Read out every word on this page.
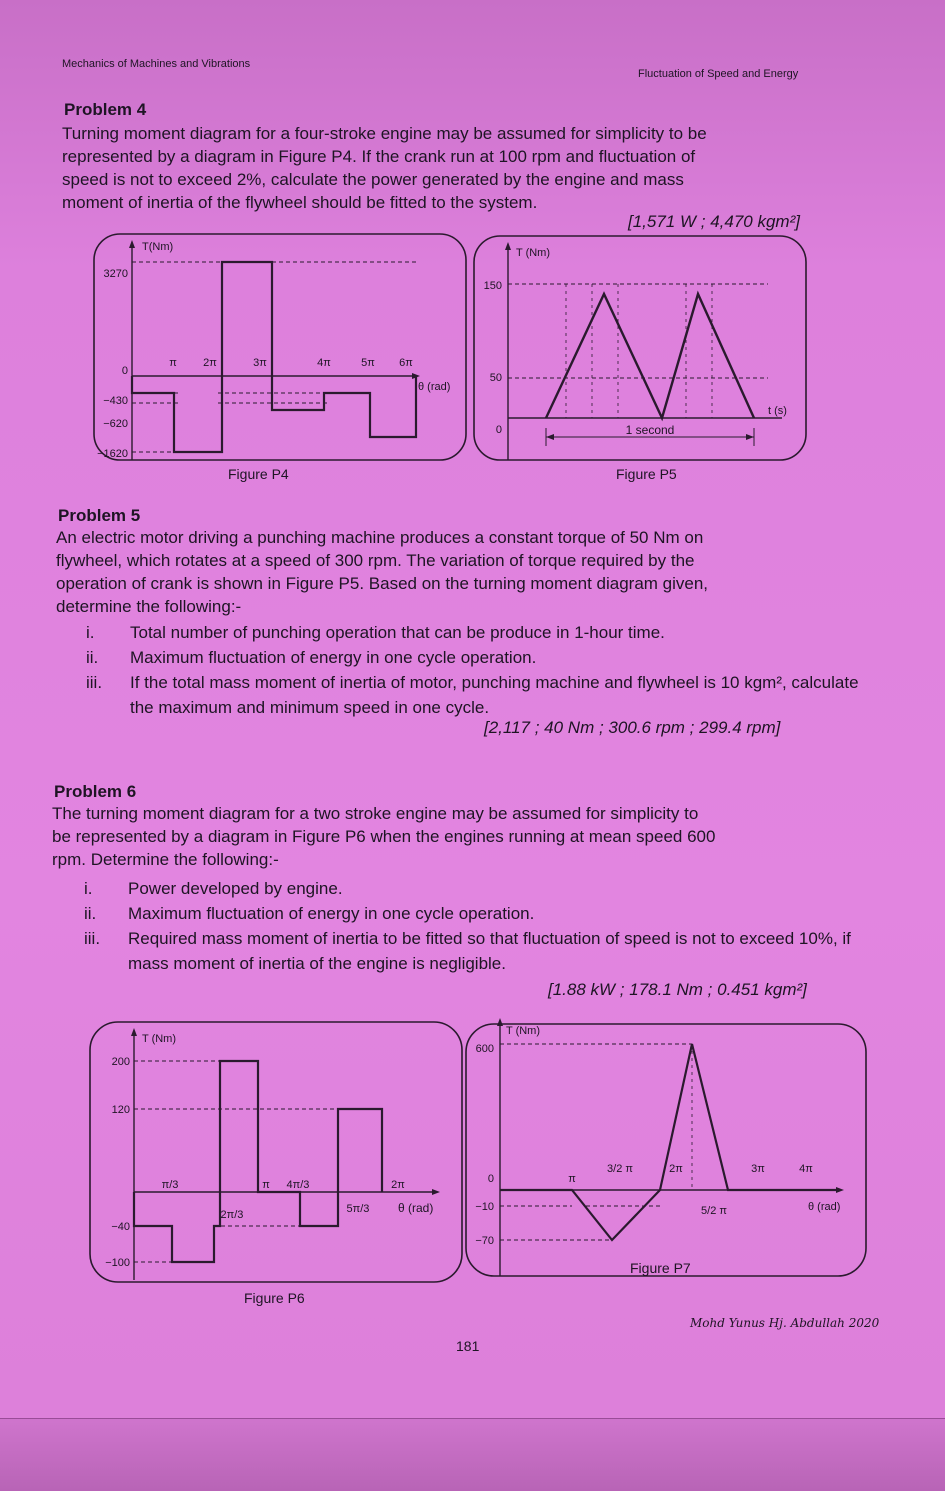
Mechanics of Machines and Vibrations
Fluctuation of Speed and Energy
Problem 4
Turning moment diagram for a four-stroke engine may be assumed for simplicity to be
represented by a diagram in Figure P4. If the crank run at 100 rpm and fluctuation of
speed is not to exceed 2%, calculate the power generated by the engine and mass
moment of inertia of the flywheel should be fitted to the system.
[1,571 W ; 4,470 kgm²]
T(Nm)
3270
0
−430
−620
−1620
π 2π	3π	4π	5π 6π
θ (rad)
Figure P4
T (Nm)
150
50
0
t (s)
1 second
Figure P5
Problem 5
An electric motor driving a punching machine produces a constant torque of 50 Nm on
flywheel, which rotates at a speed of 300 rpm. The variation of torque required by the
operation of crank is shown in Figure P5. Based on the turning moment diagram given,
determine the following:-
i.	Total number of punching operation that can be produce in 1-hour time.
ii.	Maximum fluctuation of energy in one cycle operation.
iii.	If the total mass moment of inertia of motor, punching machine and flywheel is 10 kgm², calculate the maximum and minimum speed in one cycle.
[2,117 ; 40 Nm ; 300.6 rpm ; 299.4 rpm]
Problem 6
The turning moment diagram for a two stroke engine may be assumed for simplicity to
be represented by a diagram in Figure P6 when the engines running at mean speed 600
rpm. Determine the following:-
i.	Power developed by engine.
ii.	Maximum fluctuation of energy in one cycle operation.
iii.	Required mass moment of inertia to be fitted so that fluctuation of speed is not to exceed 10%, if mass moment of inertia of the engine is negligible.
[1.88 kW ; 178.1 Nm ; 0.451 kgm²]
T (Nm)
200
120
−40
−100
π/3
2π/3
π 4π/3
5π/3
2π
θ (rad)
Figure P6
T (Nm)
600
0
−10
−70
π
3/2 π	2π
5/2 π
3π	4π
θ (rad)
Figure P7
Mohd Yunus Hj. Abdullah 2020
181
